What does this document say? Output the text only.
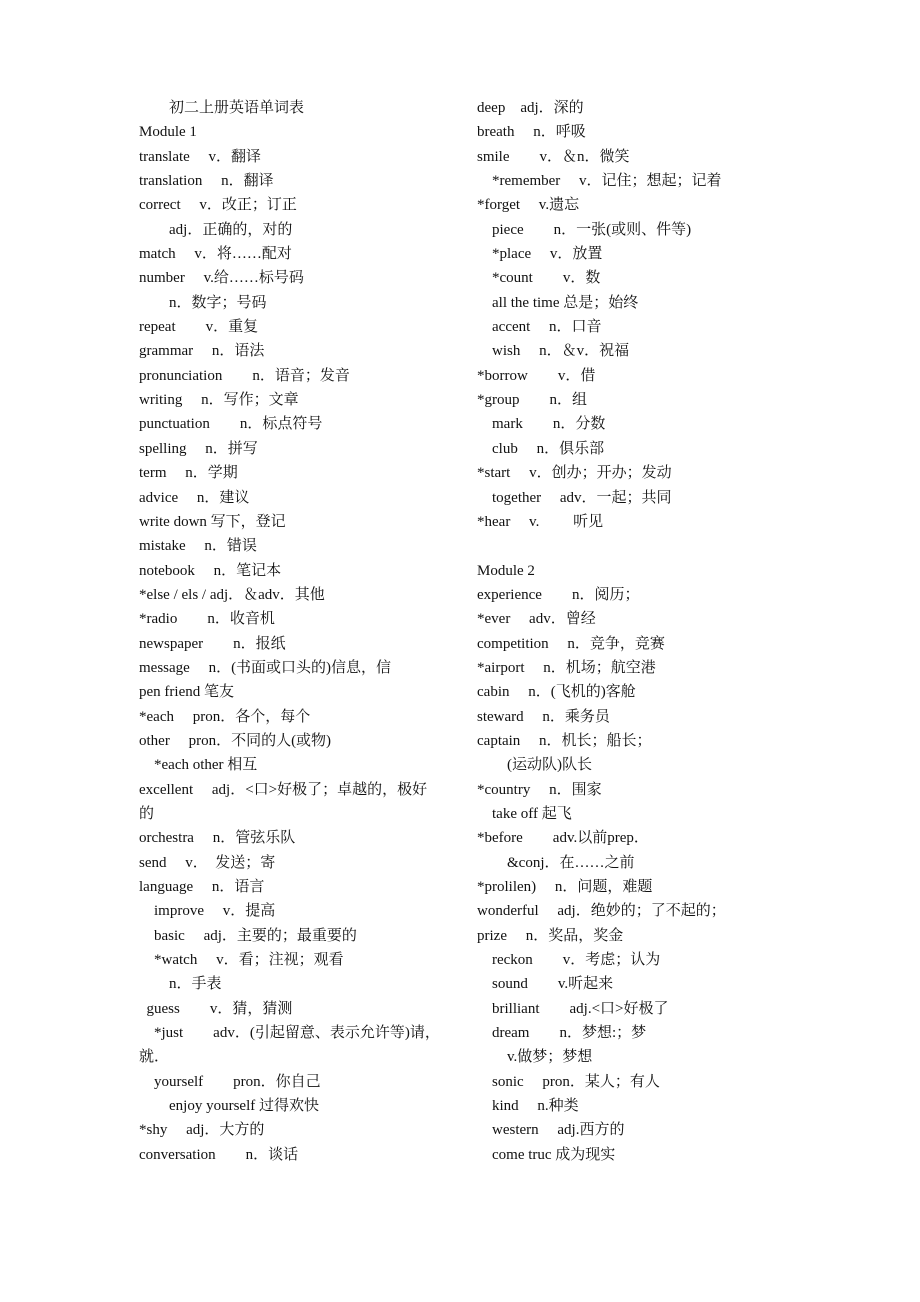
　　初二上册英语单词表
Module 1
translate　 v．翻译
translation　 n．翻译
correct　 v．改正；订正
　　adj．正确的，对的
match　 v．将……配对
number　 v.给……标号码
　　n．数字；号码
repeat　　v．重复
grammar　 n．语法
pronunciation　　n．语音；发音
writing　 n．写作；文章
punctuation　　n．标点符号
spelling　 n．拼写
term　 n．学期
advice　 n．建议
write down 写下，登记
mistake　 n．错误
notebook　 n．笔记本
*else / els / adj．＆adv．其他
*radio　　n．收音机
newspaper　　n．报纸
message　 n．(书面或口头的)信息，信
pen friend 笔友
*each　 pron．各个，每个
other　 pron．不同的人(或物)
　*each other 相互
excellent　 adj．<口>好极了；卓越的，极好
的
orchestra　 n．管弦乐队
send　 v．　发送；寄
language　 n．语言
　improve　 v．提高
　basic　 adj．主要的；最重要的
　*watch　 v．看；注视；观看
　　n．手表
guess　　v．猜，猜测
　*just　　adv．(引起留意、表示允许等)请，
就．
　yourself　　pron．你自己
　　enjoy yourself 过得欢快
*shy　 adj．大方的
conversation　　n．谈话
deep　adj．深的
breath　 n．呼吸
smile　　v．＆n．微笑
　*remember　 v．记住；想起；记着
*forget　 v.遗忘
　piece　　n．一张(或则、件等)
　*place　 v．放置
　*count　　v．数
　all the time 总是；始终
　accent　 n．口音
　wish　 n．＆v．祝福
*borrow　　v．借
*group　　n．组
　mark　　n．分数
　club　 n．俱乐部
*start　 v．创办；开办；发动
　together　 adv．一起；共同
*hear　 v.　　 听见
Module 2
experience　　n．阅历；
*ever　 adv．曾经
competition　 n．竞争，竞赛
*airport　 n．机场；航空港
cabin　 n．(飞机的)客舱
steward　 n．乘务员
captain　 n．机长；船长；
　　(运动队)队长
*country　 n．围家
　take off 起飞
*before　　adv.以前prep．
　　&conj．在……之前
*prolilen)　 n．问题，难题
wonderful　 adj．绝妙的；了不起的；
prize　 n．奖品，奖金
　reckon　　v．考虑；认为
　sound　　v.听起来
　brilliant　　adj.<口>好极了
　dream　　n．梦想:；梦
　　v.做梦；梦想
　sonic　 pron．某人；有人
　kind　 n.种类
　western　 adj.西方的
　come truc 成为现实
